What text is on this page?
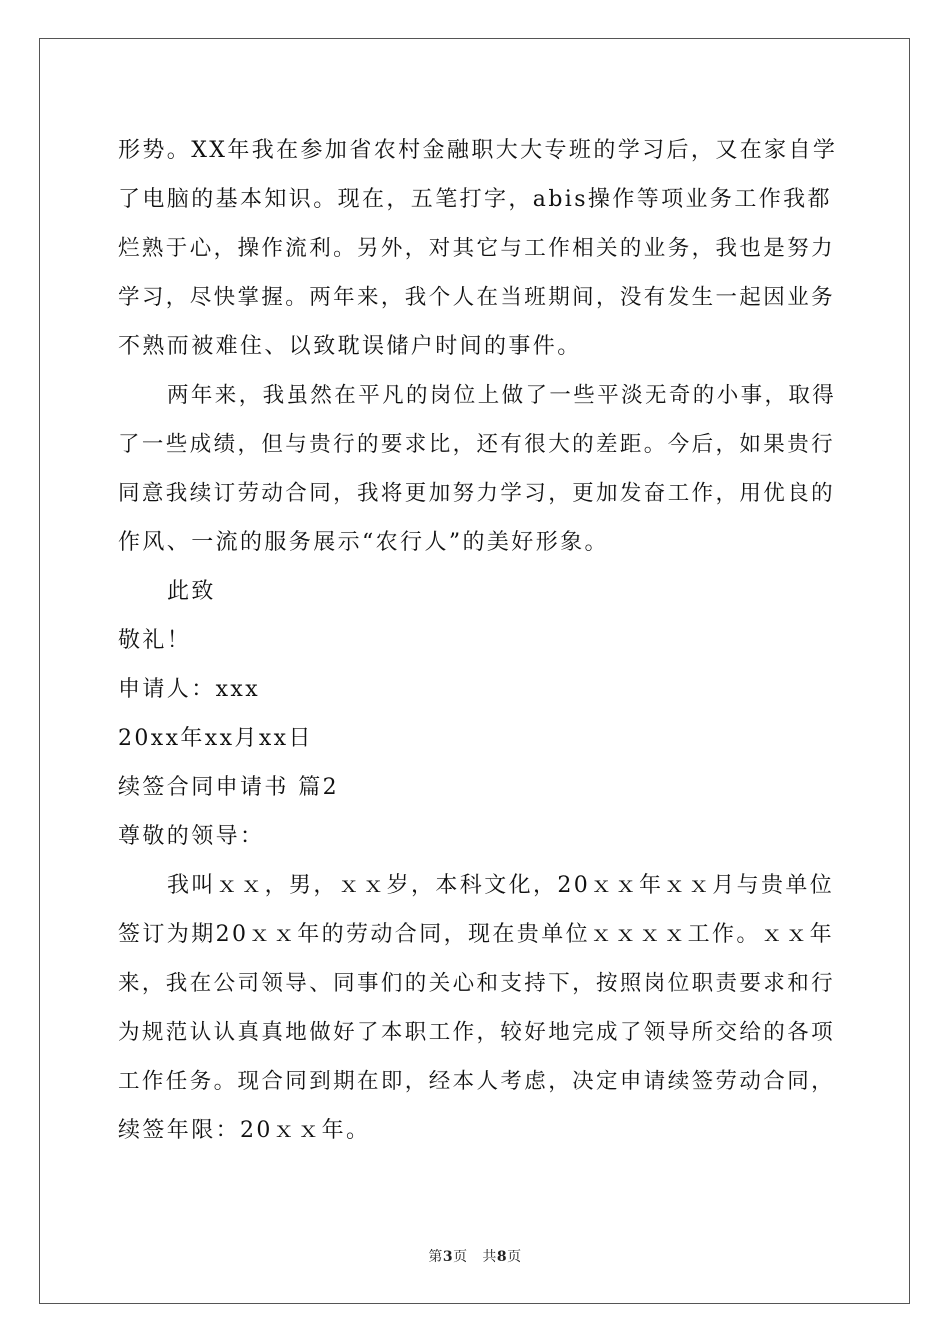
形势。XX年我在参加省农村金融职大大专班的学习后，又在家自学
了电脑的基本知识。现在，五笔打字，abis操作等项业务工作我都
烂熟于心，操作流利。另外，对其它与工作相关的业务，我也是努力
学习，尽快掌握。两年来，我个人在当班期间，没有发生一起因业务
不熟而被难住、以致耽误储户时间的事件。
两年来，我虽然在平凡的岗位上做了一些平淡无奇的小事，取得
了一些成绩，但与贵行的要求比，还有很大的差距。今后，如果贵行
同意我续订劳动合同，我将更加努力学习，更加发奋工作，用优良的
作风、一流的服务展示“农行人”的美好形象。
此致
敬礼！
申请人：xxx
20xx年xx月xx日
续签合同申请书 篇2
尊敬的领导：
我叫ｘｘ，男，ｘｘ岁，本科文化，20ｘｘ年ｘｘ月与贵单位
签订为期20ｘｘ年的劳动合同，现在贵单位ｘｘｘｘ工作。ｘｘ年
来，我在公司领导、同事们的关心和支持下，按照岗位职责要求和行
为规范认认真真地做好了本职工作，较好地完成了领导所交给的各项
工作任务。现合同到期在即，经本人考虑，决定申请续签劳动合同，
续签年限：20ｘｘ年。
第3页   共8页
